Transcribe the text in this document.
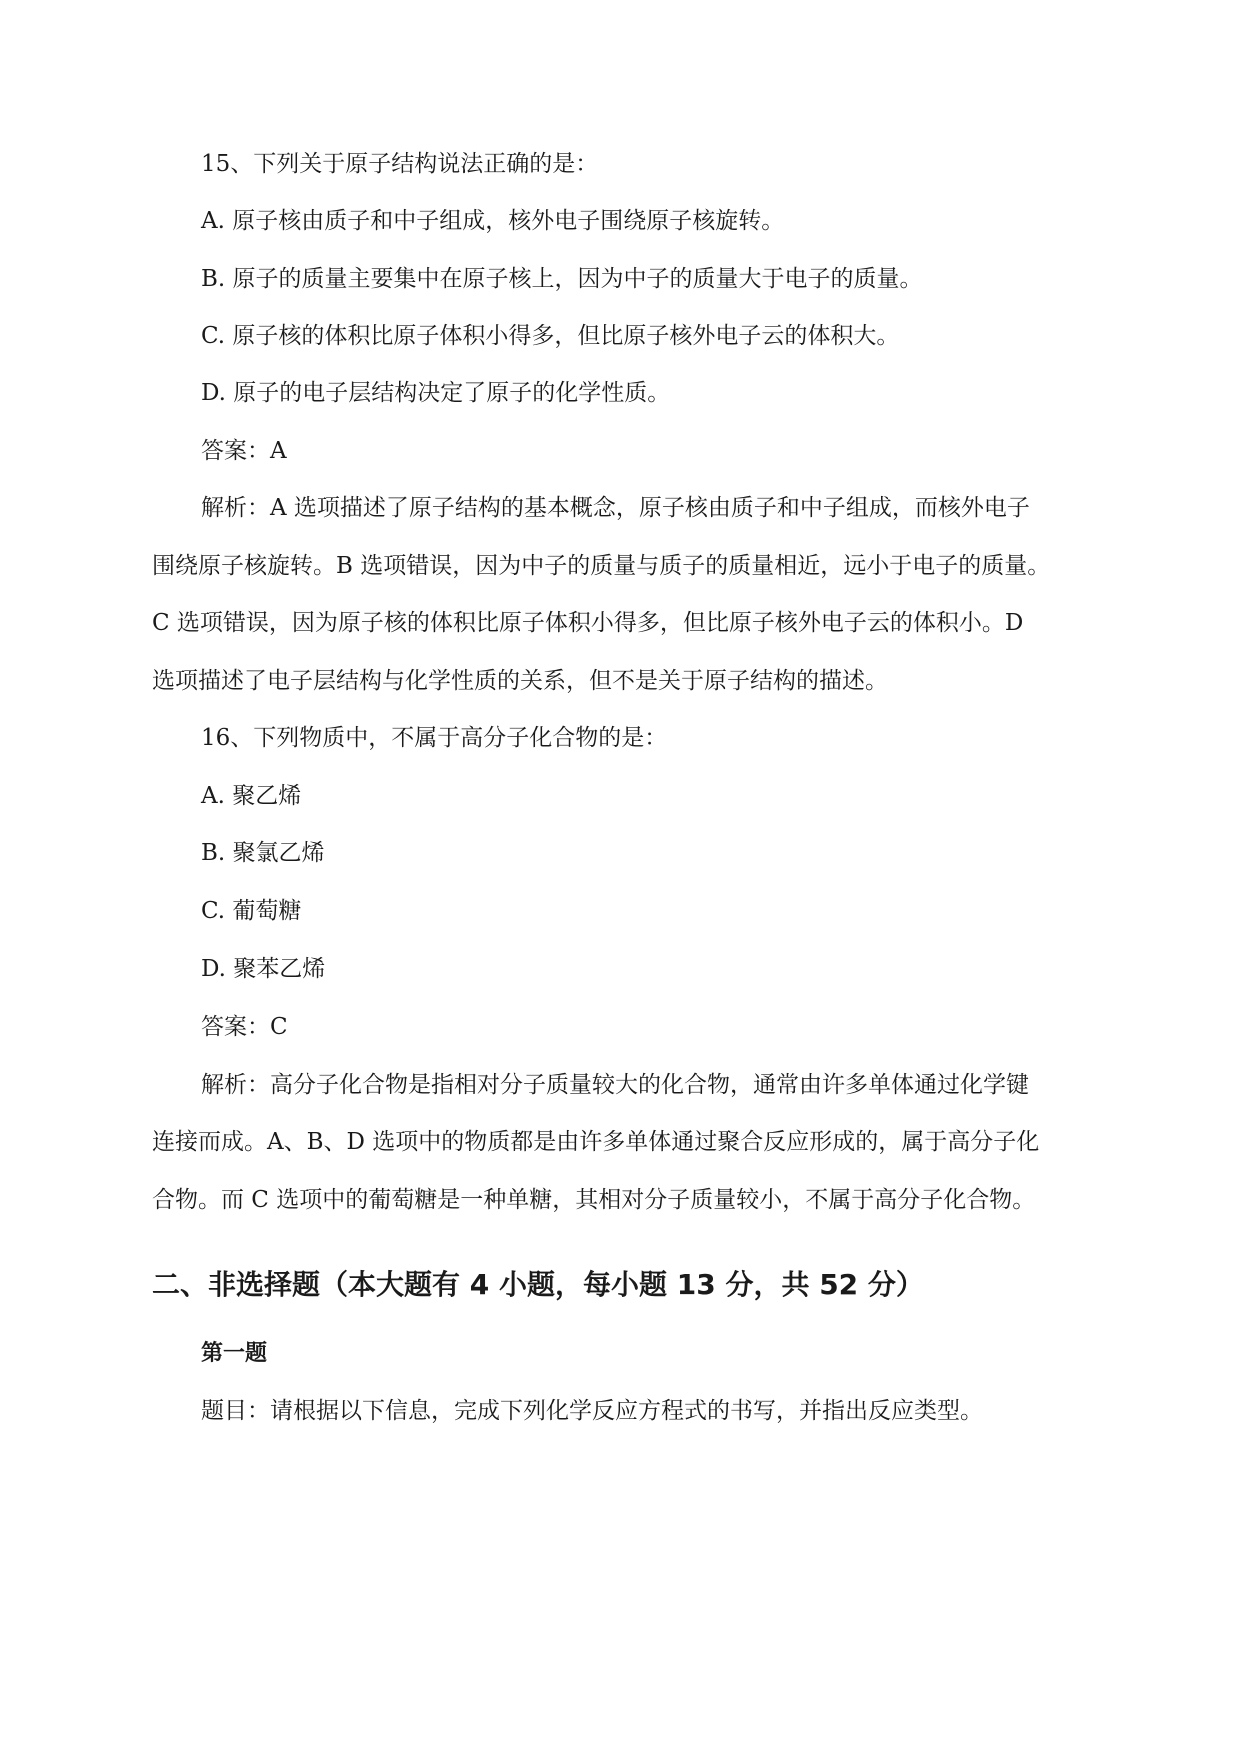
15、下列关于原子结构说法正确的是：
A. 原子核由质子和中子组成，核外电子围绕原子核旋转。
B. 原子的质量主要集中在原子核上，因为中子的质量大于电子的质量。
C. 原子核的体积比原子体积小得多，但比原子核外电子云的体积大。
D. 原子的电子层结构决定了原子的化学性质。
答案：A
解析：A 选项描述了原子结构的基本概念，原子核由质子和中子组成，而核外电子
围绕原子核旋转。B 选项错误，因为中子的质量与质子的质量相近，远小于电子的质量。
C 选项错误，因为原子核的体积比原子体积小得多，但比原子核外电子云的体积小。D
选项描述了电子层结构与化学性质的关系，但不是关于原子结构的描述。
16、下列物质中，不属于高分子化合物的是：
A. 聚乙烯
B. 聚氯乙烯
C. 葡萄糖
D. 聚苯乙烯
答案：C
解析：高分子化合物是指相对分子质量较大的化合物，通常由许多单体通过化学键
连接而成。A、B、D 选项中的物质都是由许多单体通过聚合反应形成的，属于高分子化
合物。而 C 选项中的葡萄糖是一种单糖，其相对分子质量较小，不属于高分子化合物。
二、非选择题（本大题有 4 小题，每小题 13 分，共 52 分）
第一题
题目：请根据以下信息，完成下列化学反应方程式的书写，并指出反应类型。
